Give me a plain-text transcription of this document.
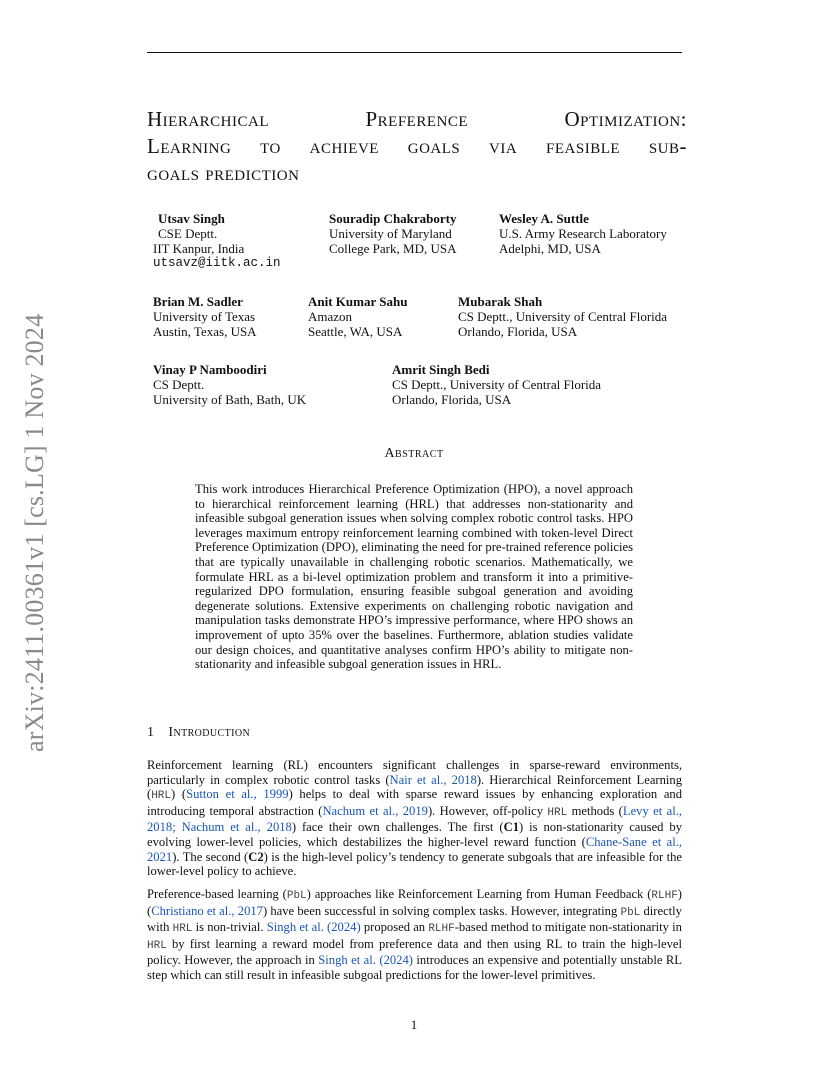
arXiv:2411.00361v1 [cs.LG] 1 Nov 2024
Hierarchical	Preference	Optimization:
Learning to achieve goals via feasible sub-
goals prediction
Utsav Singh
CSE Deptt.
IIT Kanpur, India
utsavz@iitk.ac.in
Souradip Chakraborty
University of Maryland
College Park, MD, USA
Wesley A. Suttle
U.S. Army Research Laboratory
Adelphi, MD, USA
Brian M. Sadler
University of Texas
Austin, Texas, USA
Anit Kumar Sahu
Amazon
Seattle, WA, USA
Mubarak Shah
CS Deptt., University of Central Florida
Orlando, Florida, USA
Vinay P Namboodiri
CS Deptt.
University of Bath, Bath, UK
Amrit Singh Bedi
CS Deptt., University of Central Florida
Orlando, Florida, USA
Abstract
This work introduces Hierarchical Preference Optimization (HPO), a novel approach to hierarchical reinforcement learning (HRL) that addresses non-stationarity and infeasible subgoal generation issues when solving complex robotic control tasks. HPO leverages maximum entropy reinforcement learning combined with token-level Direct Preference Optimization (DPO), eliminating the need for pre-trained reference policies that are typically unavailable in challenging robotic scenarios. Mathematically, we formulate HRL as a bi-level optimization problem and transform it into a primitive-regularized DPO formulation, ensuring feasible subgoal generation and avoiding degenerate solutions. Extensive experiments on challenging robotic navigation and manipulation tasks demonstrate HPO’s impressive performance, where HPO shows an improvement of upto 35% over the baselines. Furthermore, ablation studies validate our design choices, and quantitative analyses confirm HPO’s ability to mitigate non-stationarity and infeasible subgoal generation issues in HRL.
1 Introduction
Reinforcement learning (RL) encounters significant challenges in sparse-reward environments, particularly in complex robotic control tasks (Nair et al., 2018). Hierarchical Reinforcement Learning (HRL) (Sutton et al., 1999) helps to deal with sparse reward issues by enhancing exploration and introducing temporal abstraction (Nachum et al., 2019). However, off-policy HRL methods (Levy et al., 2018; Nachum et al., 2018) face their own challenges. The first (C1) is non-stationarity caused by evolving lower-level policies, which destabilizes the higher-level reward function (Chane-Sane et al., 2021). The second (C2) is the high-level policy’s tendency to generate subgoals that are infeasible for the lower-level policy to achieve.
Preference-based learning (PbL) approaches like Reinforcement Learning from Human Feedback (RLHF) (Christiano et al., 2017) have been successful in solving complex tasks. However, integrating PbL directly with HRL is non-trivial. Singh et al. (2024) proposed an RLHF-based method to mitigate non-stationarity in HRL by first learning a reward model from preference data and then using RL to train the high-level policy. However, the approach in Singh et al. (2024) introduces an expensive and potentially unstable RL step which can still result in infeasible subgoal predictions for the lower-level primitives.
1
